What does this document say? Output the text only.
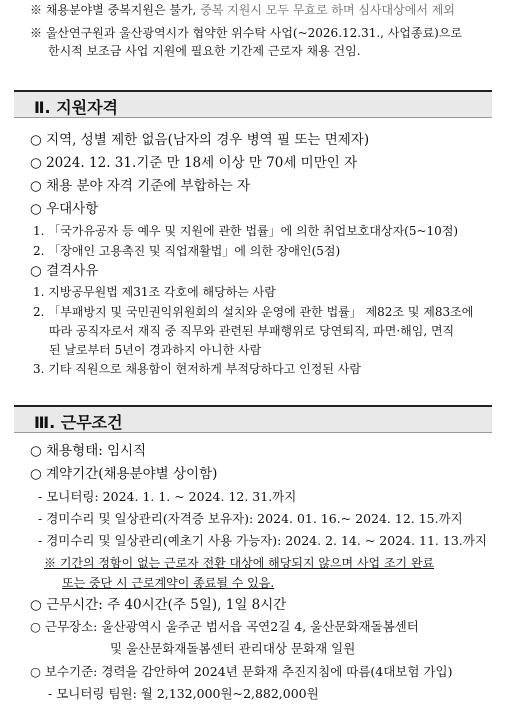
※ 채용분야별 중복지원은 불가, 중복 지원시 모두 무효로 하며 심사대상에서 제외
※ 울산연구원과 울산광역시가 협약한 위수탁 사업(~2026.12.31., 사업종료)으로
한시적 보조금 사업 지원에 필요한 기간제 근로자 채용 건임.
Ⅱ. 지원자격
○ 지역, 성별 제한 없음(남자의 경우 병역 필 또는 면제자)
○ 2024. 12. 31.기준 만 18세 이상 만 70세 미만인 자
○ 채용 분야 자격 기준에 부합하는 자
○ 우대사항
1. 「국가유공자 등 예우 및 지원에 관한 법률」에 의한 취업보호대상자(5~10점)
2. 「장애인 고용촉진 및 직업재활법」에 의한 장애인(5점)
○ 결격사유
1. 지방공무원법 제31조 각호에 해당하는 사람
2. 「부패방지 및 국민권익위원회의 설치와 운영에 관한 법률」 제82조 및 제83조에
따라 공직자로서 재직 중 직무와 관련된 부패행위로 당연퇴직, 파면·해임, 면직
된 날로부터 5년이 경과하지 아니한 사람
3. 기타 직원으로 채용함이 현저하게 부적당하다고 인정된 사람
Ⅲ. 근무조건
○ 채용형태: 임시직
○ 계약기간(채용분야별 상이함)
- 모니터링: 2024. 1. 1. ~ 2024. 12. 31.까지
- 경미수리 및 일상관리(자격증 보유자): 2024. 01. 16.~ 2024. 12. 15.까지
- 경미수리 및 일상관리(예초기 사용 가능자): 2024. 2. 14. ~ 2024. 11. 13.까지
※ 기간의 정함이 없는 근로자 전환 대상에 해당되지 않으며 사업 조기 완료
또는 중단 시 근로계약이 종료될 수 있음.
○ 근무시간: 주 40시간(주 5일), 1일 8시간
○ 근무장소: 울산광역시 울주군 범서읍 곡연2길 4, 울산문화재돌봄센터
및 울산문화재돌봄센터 관리대상 문화재 일원
○ 보수기준: 경력을 감안하여 2024년 문화재 추진지침에 따름(4대보험 가입)
- 모니터링 팀원: 월 2,132,000원~2,882,000원
